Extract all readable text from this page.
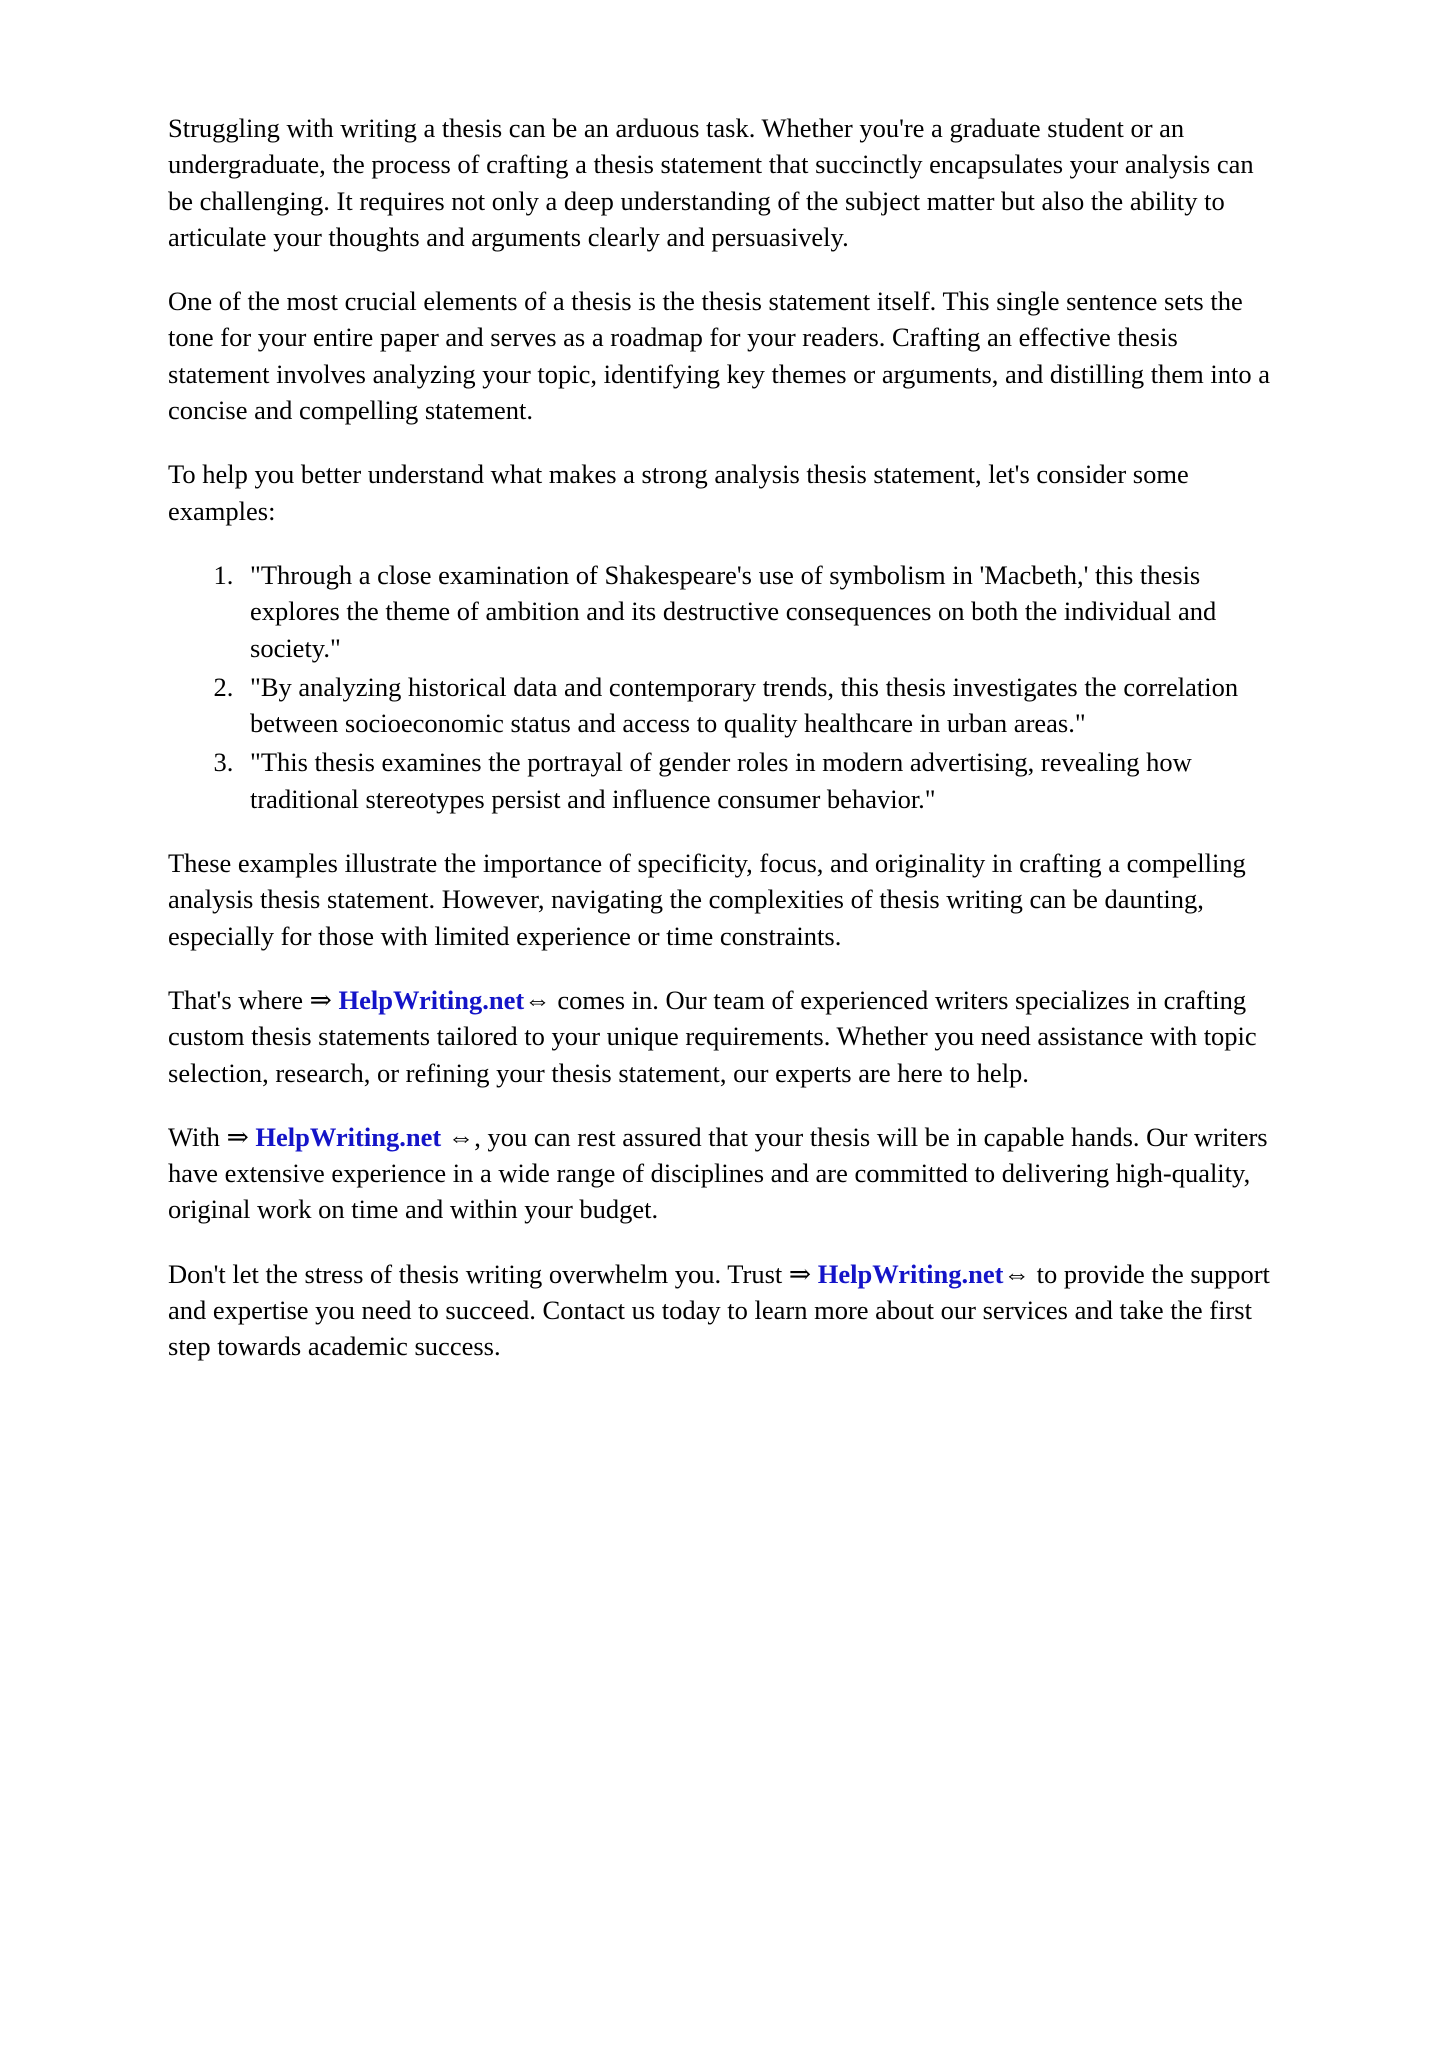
Struggling with writing a thesis can be an arduous task. Whether you're a graduate student or an undergraduate, the process of crafting a thesis statement that succinctly encapsulates your analysis can be challenging. It requires not only a deep understanding of the subject matter but also the ability to articulate your thoughts and arguments clearly and persuasively.

One of the most crucial elements of a thesis is the thesis statement itself. This single sentence sets the tone for your entire paper and serves as a roadmap for your readers. Crafting an effective thesis statement involves analyzing your topic, identifying key themes or arguments, and distilling them into a concise and compelling statement.

To help you better understand what makes a strong analysis thesis statement, let's consider some examples:

1. "Through a close examination of Shakespeare's use of symbolism in 'Macbeth,' this thesis explores the theme of ambition and its destructive consequences on both the individual and society."
2. "By analyzing historical data and contemporary trends, this thesis investigates the correlation between socioeconomic status and access to quality healthcare in urban areas."
3. "This thesis examines the portrayal of gender roles in modern advertising, revealing how traditional stereotypes persist and influence consumer behavior."

These examples illustrate the importance of specificity, focus, and originality in crafting a compelling analysis thesis statement. However, navigating the complexities of thesis writing can be daunting, especially for those with limited experience or time constraints.

That's where ⇒ HelpWriting.net⇔ comes in. Our team of experienced writers specializes in crafting custom thesis statements tailored to your unique requirements. Whether you need assistance with topic selection, research, or refining your thesis statement, our experts are here to help.

With ⇒ HelpWriting.net ⇔, you can rest assured that your thesis will be in capable hands. Our writers have extensive experience in a wide range of disciplines and are committed to delivering high-quality, original work on time and within your budget.

Don't let the stress of thesis writing overwhelm you. Trust ⇒ HelpWriting.net⇔ to provide the support and expertise you need to succeed. Contact us today to learn more about our services and take the first step towards academic success.
